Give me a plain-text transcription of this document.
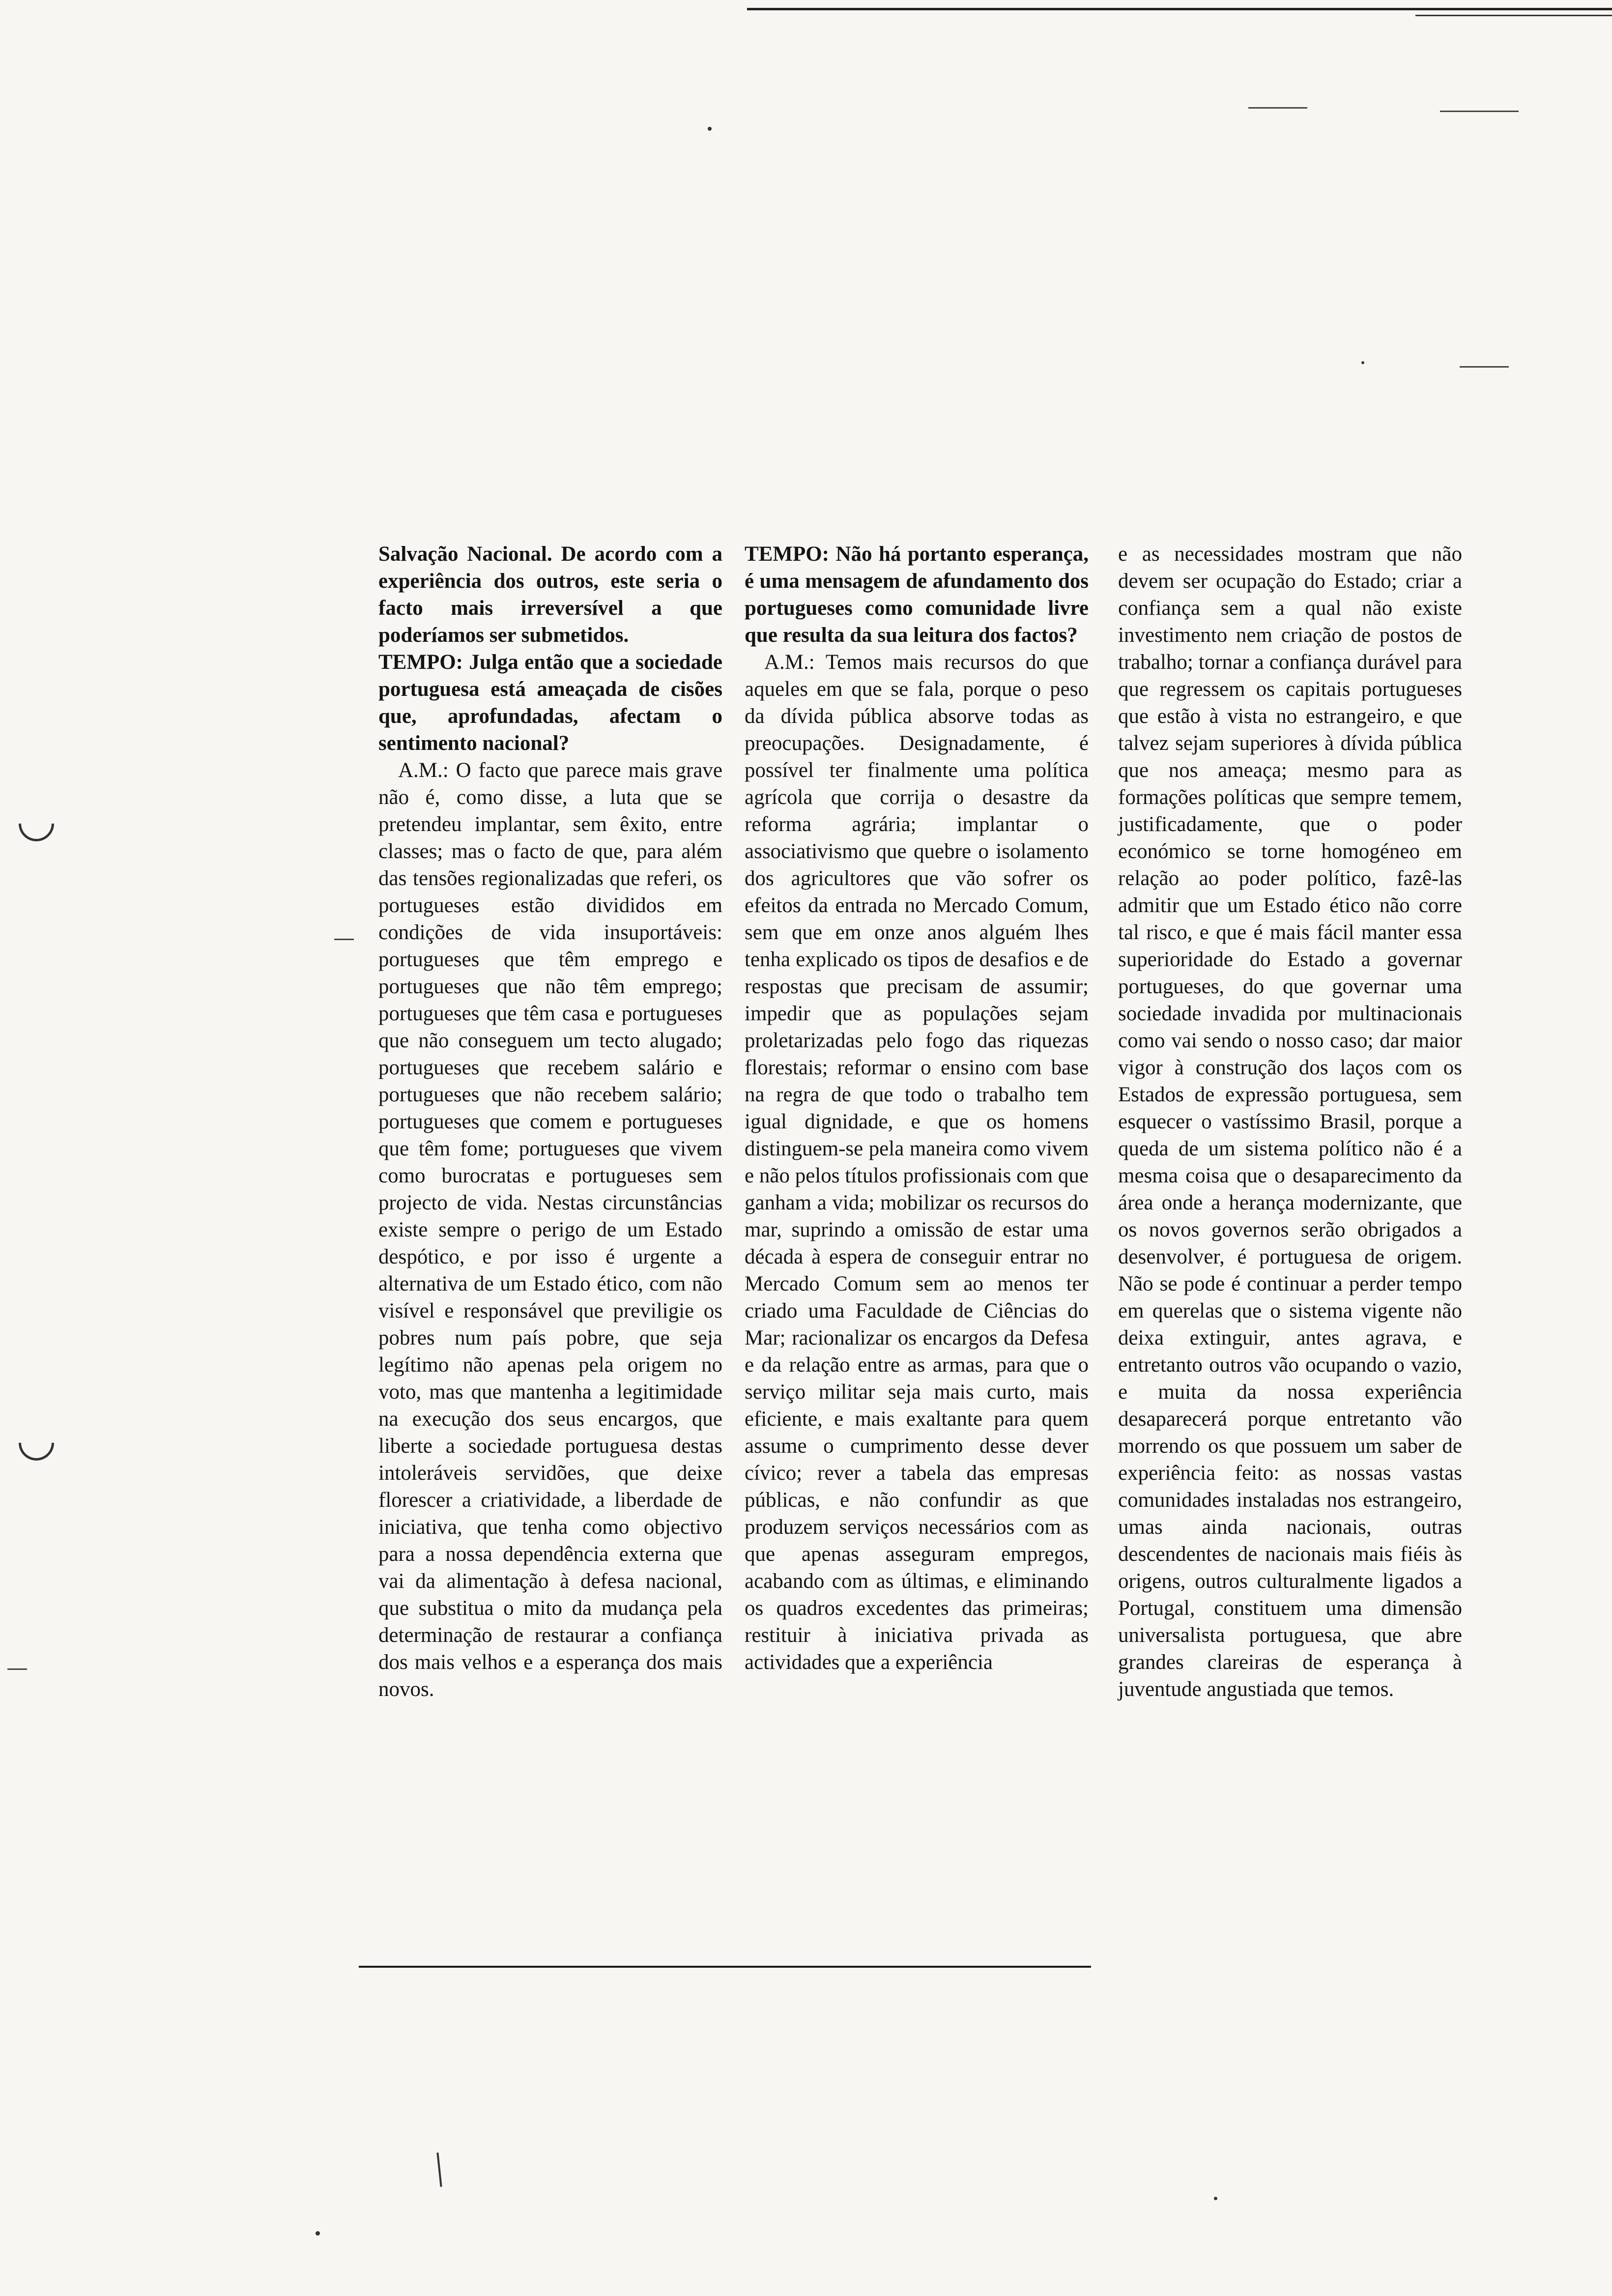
Salvação Nacional. De acordo com a experiência dos outros, este seria o facto mais irreversível a que poderíamos ser submetidos.

TEMPO: Julga então que a sociedade portuguesa está ameaçada de cisões que, aprofundadas, afectam o sentimento nacional?

A.M.: O facto que parece mais grave não é, como disse, a luta que se pretendeu implantar, sem êxito, entre classes; mas o facto de que, para além das tensões regionalizadas que referi, os portugueses estão divididos em condições de vida insuportáveis: portugueses que têm emprego e portugueses que não têm emprego; portugueses que têm casa e portugueses que não conseguem um tecto alugado; portugueses que recebem salário e portugueses que não recebem salário; portugueses que comem e portugueses que têm fome; portugueses que vivem como burocratas e portugueses sem projecto de vida. Nestas circunstâncias existe sempre o perigo de um Estado despótico, e por isso é urgente a alternativa de um Estado ético, com não visível e responsável que previligie os pobres num país pobre, que seja legítimo não apenas pela origem no voto, mas que mantenha a legitimidade na execução dos seus encargos, que liberte a sociedade portuguesa destas intoleráveis servidões, que deixe florescer a criatividade, a liberdade de iniciativa, que tenha como objectivo para a nossa dependência externa que vai da alimentação à defesa nacional, que substitua o mito da mudança pela determinação de restaurar a confiança dos mais velhos e a esperança dos mais novos.

TEMPO: Não há portanto esperança, é uma mensagem de afundamento dos portugueses como comunidade livre que resulta da sua leitura dos factos?

A.M.: Temos mais recursos do que aqueles em que se fala, porque o peso da dívida pública absorve todas as preocupações. Designadamente, é possível ter finalmente uma política agrícola que corrija o desastre da reforma agrária; implantar o associativismo que quebre o isolamento dos agricultores que vão sofrer os efeitos da entrada no Mercado Comum, sem que em onze anos alguém lhes tenha explicado os tipos de desafios e de respostas que precisam de assumir; impedir que as populações sejam proletarizadas pelo fogo das riquezas florestais; reformar o ensino com base na regra de que todo o trabalho tem igual dignidade, e que os homens distinguem-se pela maneira como vivem e não pelos títulos profissionais com que ganham a vida; mobilizar os recursos do mar, suprindo a omissão de estar uma década à espera de conseguir entrar no Mercado Comum sem ao menos ter criado uma Faculdade de Ciências do Mar; racionalizar os encargos da Defesa e da relação entre as armas, para que o serviço militar seja mais curto, mais eficiente, e mais exaltante para quem assume o cumprimento desse dever cívico; rever a tabela das empresas públicas, e não confundir as que produzem serviços necessários com as que apenas asseguram empregos, acabando com as últimas, e eliminando os quadros excedentes das primeiras; restituir à iniciativa privada as actividades que a experiência

e as necessidades mostram que não devem ser ocupação do Estado; criar a confiança sem a qual não existe investimento nem criação de postos de trabalho; tornar a confiança durável para que regressem os capitais portugueses que estão à vista no estrangeiro, e que talvez sejam superiores à dívida pública que nos ameaça; mesmo para as formações políticas que sempre temem, justificadamente, que o poder económico se torne homogéneo em relação ao poder político, fazê-las admitir que um Estado ético não corre tal risco, e que é mais fácil manter essa superioridade do Estado a governar portugueses, do que governar uma sociedade invadida por multinacionais como vai sendo o nosso caso; dar maior vigor à construção dos laços com os Estados de expressão portuguesa, sem esquecer o vastíssimo Brasil, porque a queda de um sistema político não é a mesma coisa que o desaparecimento da área onde a herança modernizante, que os novos governos serão obrigados a desenvolver, é portuguesa de origem. Não se pode é continuar a perder tempo em querelas que o sistema vigente não deixa extinguir, antes agrava, e entretanto outros vão ocupando o vazio, e muita da nossa experiência desaparecerá porque entretanto vão morrendo os que possuem um saber de experiência feito: as nossas vastas comunidades instaladas nos estrangeiro, umas ainda nacionais, outras descendentes de nacionais mais fiéis às origens, outros culturalmente ligados a Portugal, constituem uma dimensão universalista portuguesa, que abre grandes clareiras de esperança à juventude angustiada que temos.
